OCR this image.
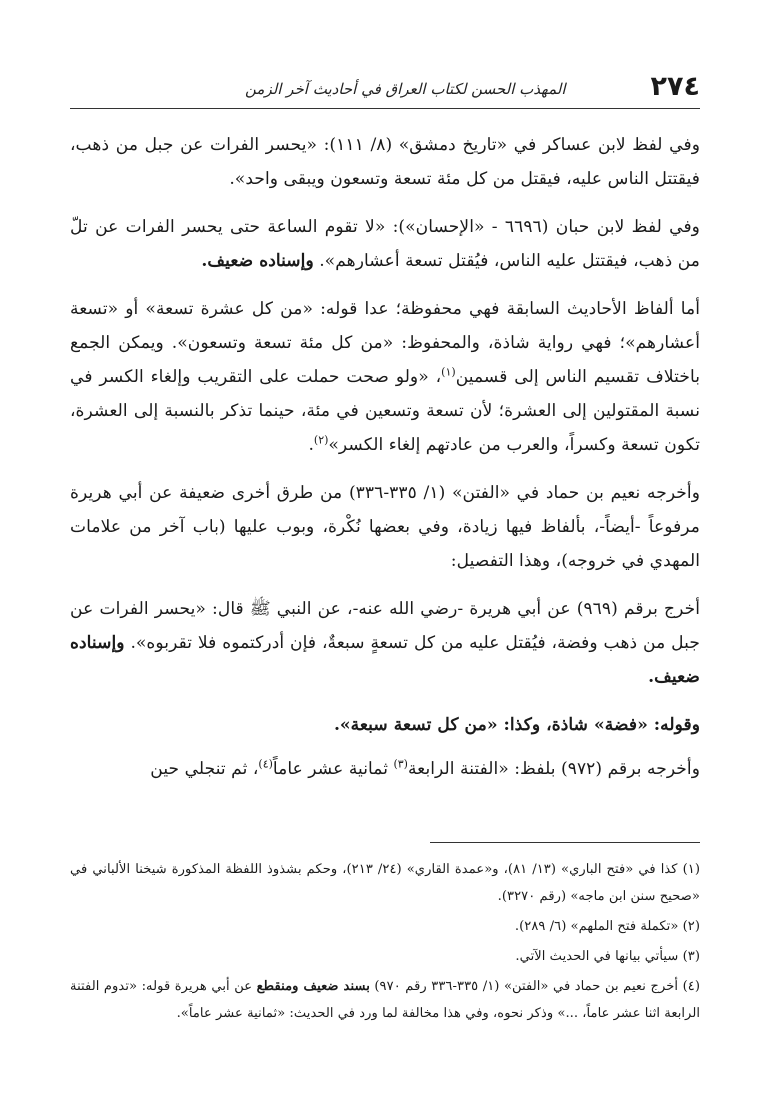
المهذب الحسن لكتاب العراق في أحاديث آخر الزمن	٢٧٤

وفي لفظ لابن عساكر في «تاريخ دمشق» (٨/ ١١١): «يحسر الفرات عن جبل من ذهب، فيقتتل الناس عليه، فيقتل من كل مئة تسعة وتسعون ويبقى واحد».

وفي لفظ لابن حبان (٦٦٩٦ - «الإحسان»): «لا تقوم الساعة حتى يحسر الفرات عن تلّ من ذهب، فيقتتل عليه الناس، فيُقتل تسعة أعشارهم». وإسناده ضعيف.

أما ألفاظ الأحاديث السابقة فهي محفوظة؛ عدا قوله: «من كل عشرة تسعة» أو «تسعة أعشارهم»؛ فهي رواية شاذة، والمحفوظ: «من كل مئة تسعة وتسعون». ويمكن الجمع باختلاف تقسيم الناس إلى قسمين$^{(١)}$، «ولو صحت حملت على التقريب وإلغاء الكسر في نسبة المقتولين إلى العشرة؛ لأن تسعة وتسعين في مئة، حينما تذكر بالنسبة إلى العشرة، تكون تسعة وكسراً، والعرب من عادتهم إلغاء الكسر»$^{(٢)}$.

وأخرجه نعيم بن حماد في «الفتن» (١/ ٣٣٥-٣٣٦) من طرق أخرى ضعيفة عن أبي هريرة مرفوعاً -أيضاً-، بألفاظ فيها زيادة، وفي بعضها نُكْرة، وبوب عليها (باب آخر من علامات المهدي في خروجه)، وهذا التفصيل:

أخرج برقم (٩٦٩) عن أبي هريرة -رضي الله عنه-، عن النبي ﷺ قال: «يحسر الفرات عن جبل من ذهب وفضة، فيُقتل عليه من كل تسعةٍ سبعةٌ، فإن أدركتموه فلا تقربوه». وإسناده ضعيف.

وقوله: «فضة» شاذة، وكذا: «من كل تسعة سبعة».

وأخرجه برقم (٩٧٢) بلفظ: «الفتنة الرابعة$^{(٣)}$ ثمانية عشر عاماً$^{(٤)}$، ثم تنجلي حين

(١) كذا في «فتح الباري» (١٣/ ٨١)، و«عمدة القاري» (٢٤/ ٢١٣)، وحكم بشذوذ اللفظة المذكورة شيخنا الألباني في «صحيح سنن ابن ماجه» (رقم ٣٢٧٠).

(٢) «تكملة فتح الملهم» (٦/ ٢٨٩).

(٣) سيأتي بيانها في الحديث الآتي.

(٤) أخرج نعيم بن حماد في «الفتن» (١/ ٣٣٥-٣٣٦ رقم ٩٧٠) بسند ضعيف ومنقطع عن أبي هريرة قوله: «تدوم الفتنة الرابعة اثنا عشر عاماً، ...» وذكر نحوه، وفي هذا مخالفة لما ورد في الحديث: «ثمانية عشر عاماً».
